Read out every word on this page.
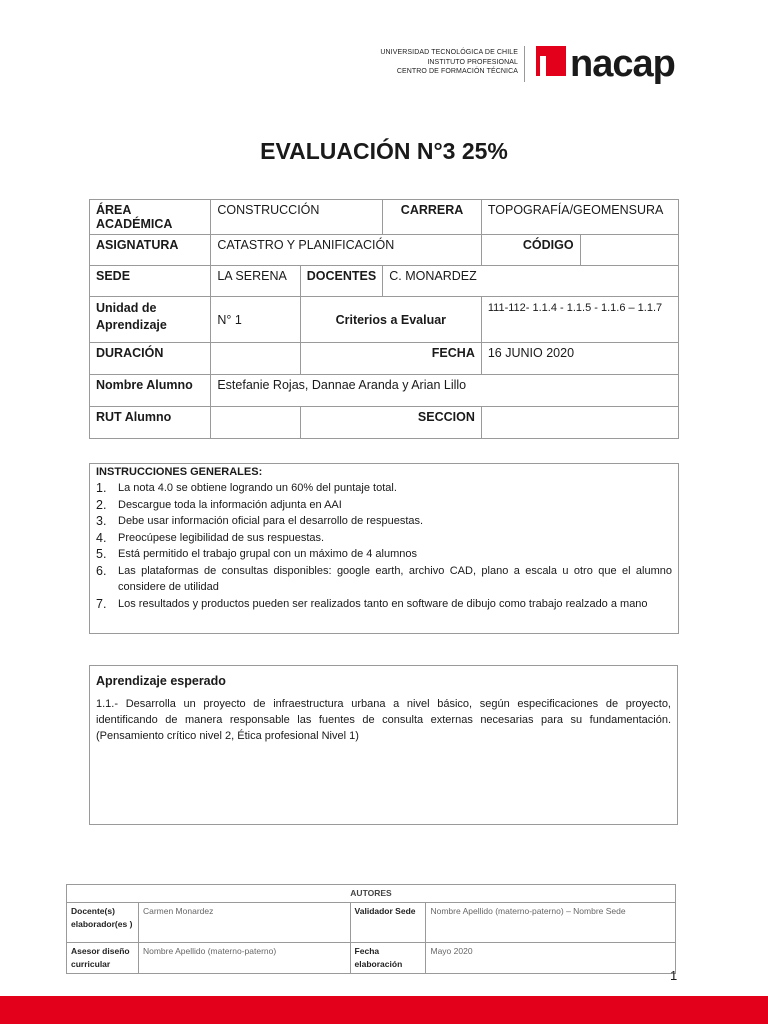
UNIVERSIDAD TECNOLÓGICA DE CHILE
INSTITUTO PROFESIONAL
CENTRO DE FORMACIÓN TÉCNICA nacap
EVALUACIÓN N°3 25%
ÁREA ACADÉMICA	CONSTRUCCIÓN		CARRERA	TOPOGRAFÍA/GEOMENSURA	
ASIGNATURA	CATASTRO Y PLANIFICACIÓN			CÓDIGO	
SEDE	LA SERENA	DOCENTES	C. MONARDEZ		
Unidad de Aprendizaje	N° 1	Criterios a Evaluar		111-112- 1.1.4 - 1.1.5 - 1.1.6 – 1.1.7	
DURACIÓN		FECHA		16 JUNIO 2020	
Nombre Alumno	Estefanie Rojas, Dannae Aranda y Arian Lillo				
RUT Alumno		SECCION			
INSTRUCCIONES GENERALES:
1.	La nota 4.0 se obtiene logrando un 60% del puntaje total.
2.	Descargue toda la información adjunta en AAI
3.	Debe usar información oficial para el desarrollo de respuestas.
4.	Preocúpese legibilidad de sus respuestas.
5.	Está permitido el trabajo grupal con un máximo de 4 alumnos
6.	Las plataformas de consultas disponibles: google earth, archivo CAD, plano a escala u otro que el alumno considere de utilidad
7.	Los resultados y productos pueden ser realizados tanto en software de dibujo como trabajo realzado a mano
Aprendizaje esperado
1.1.- Desarrolla un proyecto de infraestructura urbana a nivel básico, según especificaciones de proyecto, identificando de manera responsable las fuentes de consulta externas necesarias para su fundamentación. (Pensamiento crítico nivel 2, Ética profesional Nivel 1)
AUTORES			
Docente(s) elaborador(es )	Carmen Monardez	Validador Sede	Nombre Apellido (materno-paterno) – Nombre Sede
Asesor diseño curricular	Nombre Apellido (materno-paterno)	Fecha elaboración	Mayo 2020
1
